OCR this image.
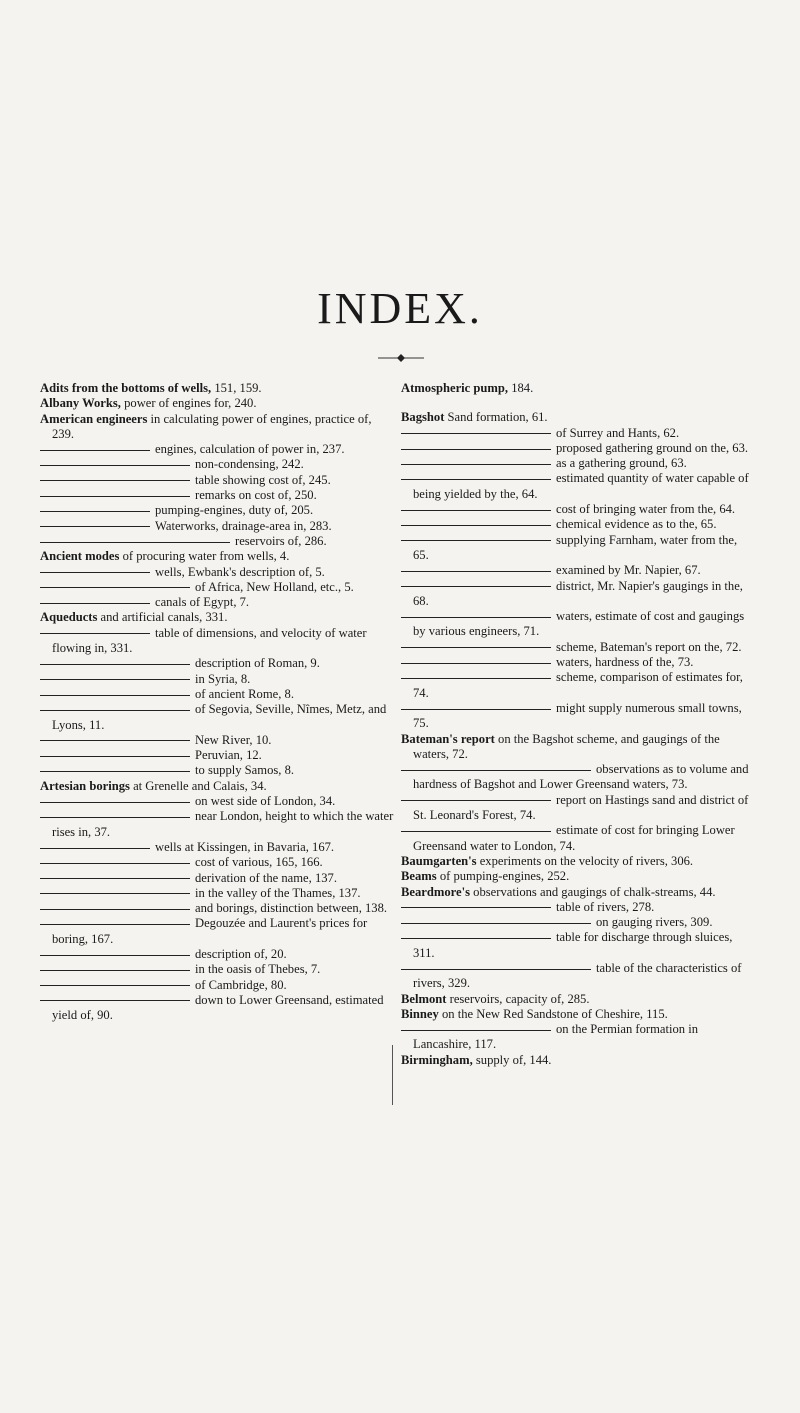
INDEX.

Adits from the bottoms of wells, 151, 159.

Albany Works, power of engines for, 240.

American engineers in calculating power of engines, practice of, 239.

engines, calculation of power in, 237.

non-condensing, 242.

table showing cost of, 245.

remarks on cost of, 250.

pumping-engines, duty of, 205.

Waterworks, drainage-area in, 283.

reservoirs of, 286.

Ancient modes of procuring water from wells, 4.

wells, Ewbank's description of, 5.

of Africa, New Holland, etc., 5.

canals of Egypt, 7.

Aqueducts and artificial canals, 331.

table of dimensions, and velocity of water flowing in, 331.

description of Roman, 9.

in Syria, 8.

of ancient Rome, 8.

of Segovia, Seville, Nîmes, Metz, and Lyons, 11.

New River, 10.

Peruvian, 12.

to supply Samos, 8.

Artesian borings at Grenelle and Calais, 34.

on west side of London, 34.

near London, height to which the water rises in, 37.

wells at Kissingen, in Bavaria, 167.

cost of various, 165, 166.

derivation of the name, 137.

in the valley of the Thames, 137.

and borings, distinction between, 138.

Degouzée and Laurent's prices for boring, 167.

description of, 20.

in the oasis of Thebes, 7.

of Cambridge, 80.

down to Lower Greensand, estimated yield of, 90.

Atmospheric pump, 184.

Bagshot Sand formation, 61.

of Surrey and Hants, 62.

proposed gathering ground on the, 63.

as a gathering ground, 63.

estimated quantity of water capable of being yielded by the, 64.

cost of bringing water from the, 64.

chemical evidence as to the, 65.

supplying Farnham, water from the, 65.

examined by Mr. Napier, 67.

district, Mr. Napier's gaugings in the, 68.

waters, estimate of cost and gaugings by various engineers, 71.

scheme, Bateman's report on the, 72.

waters, hardness of the, 73.

scheme, comparison of estimates for, 74.

might supply numerous small towns, 75.

Bateman's report on the Bagshot scheme, and gaugings of the waters, 72.

observations as to volume and hardness of Bagshot and Lower Greensand waters, 73.

report on Hastings sand and district of St. Leonard's Forest, 74.

estimate of cost for bringing Lower Greensand water to London, 74.

Baumgarten's experiments on the velocity of rivers, 306.

Beams of pumping-engines, 252.

Beardmore's observations and gaugings of chalk-streams, 44.

table of rivers, 278.

on gauging rivers, 309.

table for discharge through sluices, 311.

table of the characteristics of rivers, 329.

Belmont reservoirs, capacity of, 285.

Binney on the New Red Sandstone of Cheshire, 115.

on the Permian formation in Lancashire, 117.

Birmingham, supply of, 144.
